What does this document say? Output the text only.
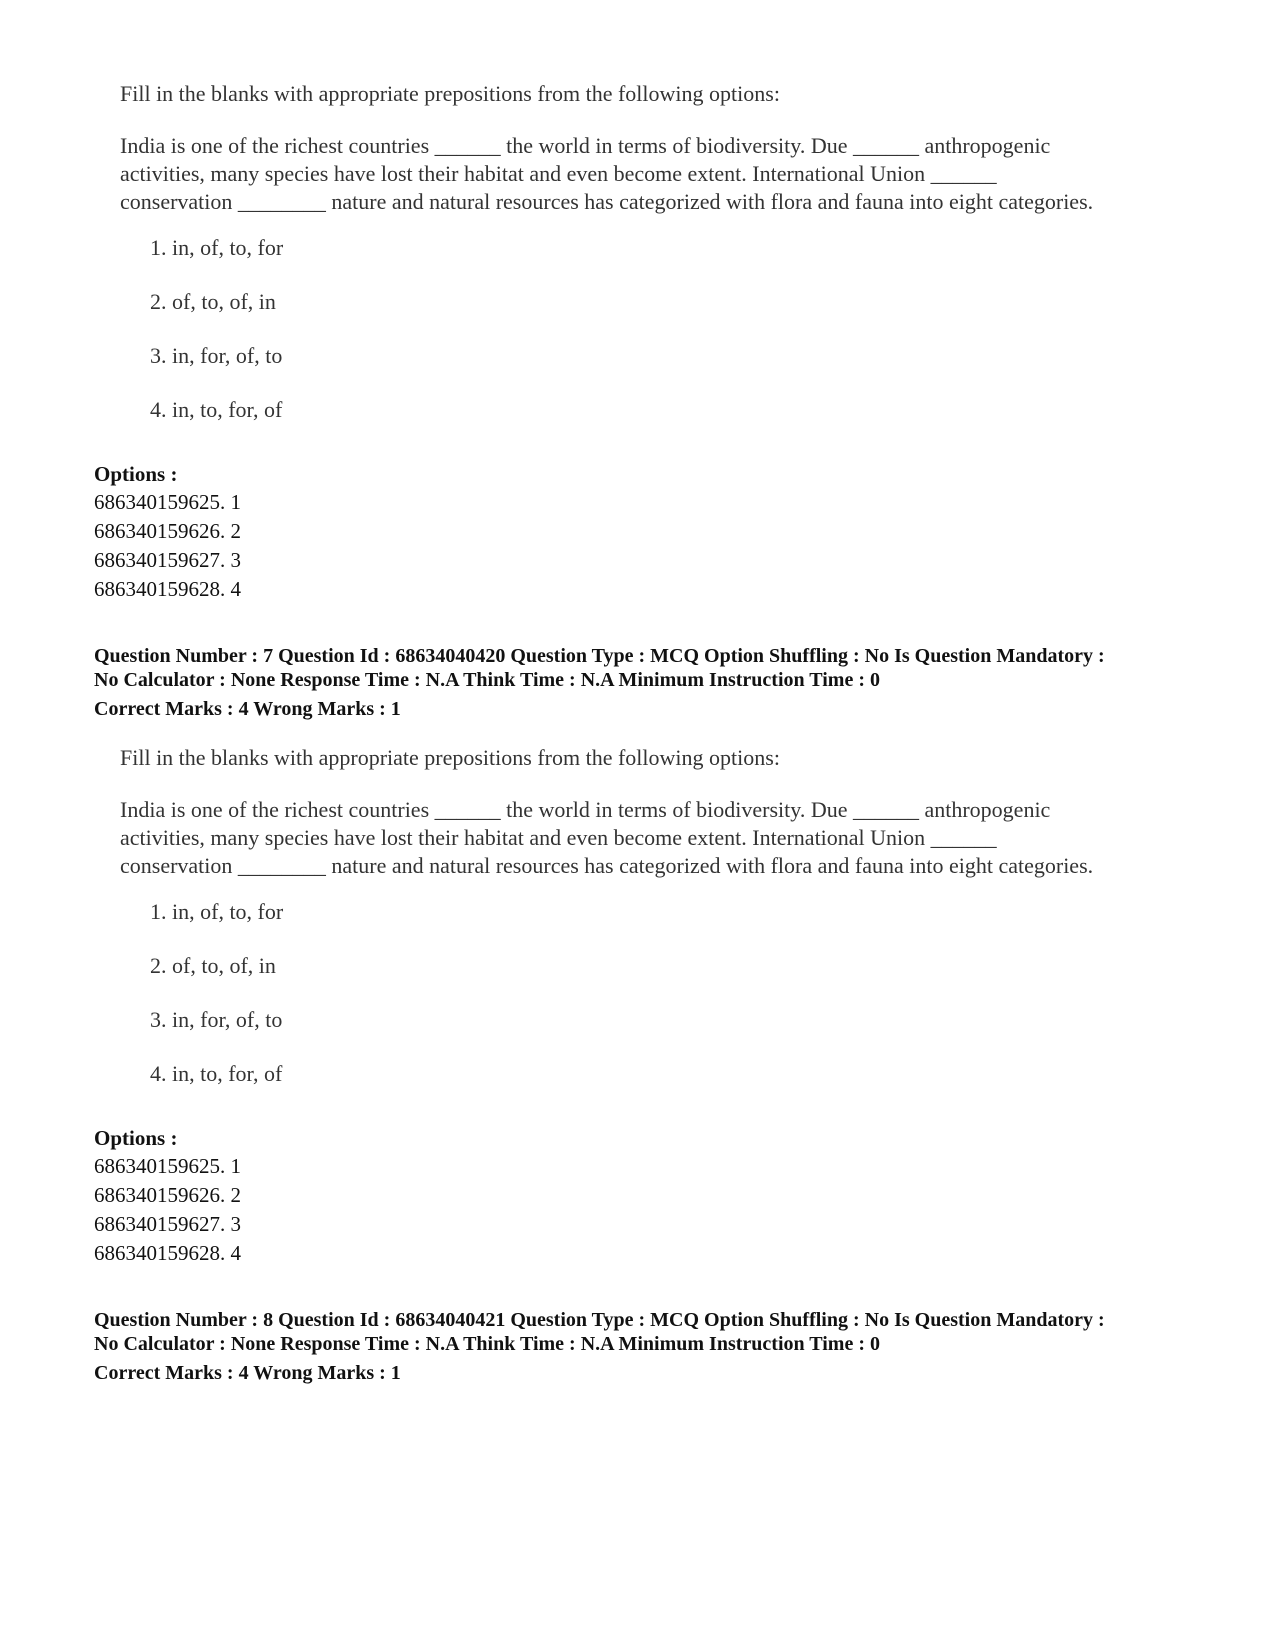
Fill in the blanks with appropriate prepositions from the following options:

India is one of the richest countries ______ the world in terms of biodiversity. Due ______ anthropogenic
activities, many species have lost their habitat and even become extent. International Union ______
conservation ________ nature and natural resources has categorized with flora and fauna into eight categories.

1. in, of, to, for

2. of, to, of, in

3. in, for, of, to

4. in, to, for, of

Options :
686340159625. 1
686340159626. 2
686340159627. 3
686340159628. 4
Question Number : 7 Question Id : 68634040420 Question Type : MCQ Option Shuffling : No Is Question Mandatory :
No Calculator : None Response Time : N.A Think Time : N.A Minimum Instruction Time : 0
Correct Marks : 4 Wrong Marks : 1

Fill in the blanks with appropriate prepositions from the following options:

India is one of the richest countries ______ the world in terms of biodiversity. Due ______ anthropogenic
activities, many species have lost their habitat and even become extent. International Union ______
conservation ________ nature and natural resources has categorized with flora and fauna into eight categories.

1. in, of, to, for

2. of, to, of, in

3. in, for, of, to

4. in, to, for, of

Options :
686340159625. 1
686340159626. 2
686340159627. 3
686340159628. 4
Question Number : 8 Question Id : 68634040421 Question Type : MCQ Option Shuffling : No Is Question Mandatory :
No Calculator : None Response Time : N.A Think Time : N.A Minimum Instruction Time : 0
Correct Marks : 4 Wrong Marks : 1
